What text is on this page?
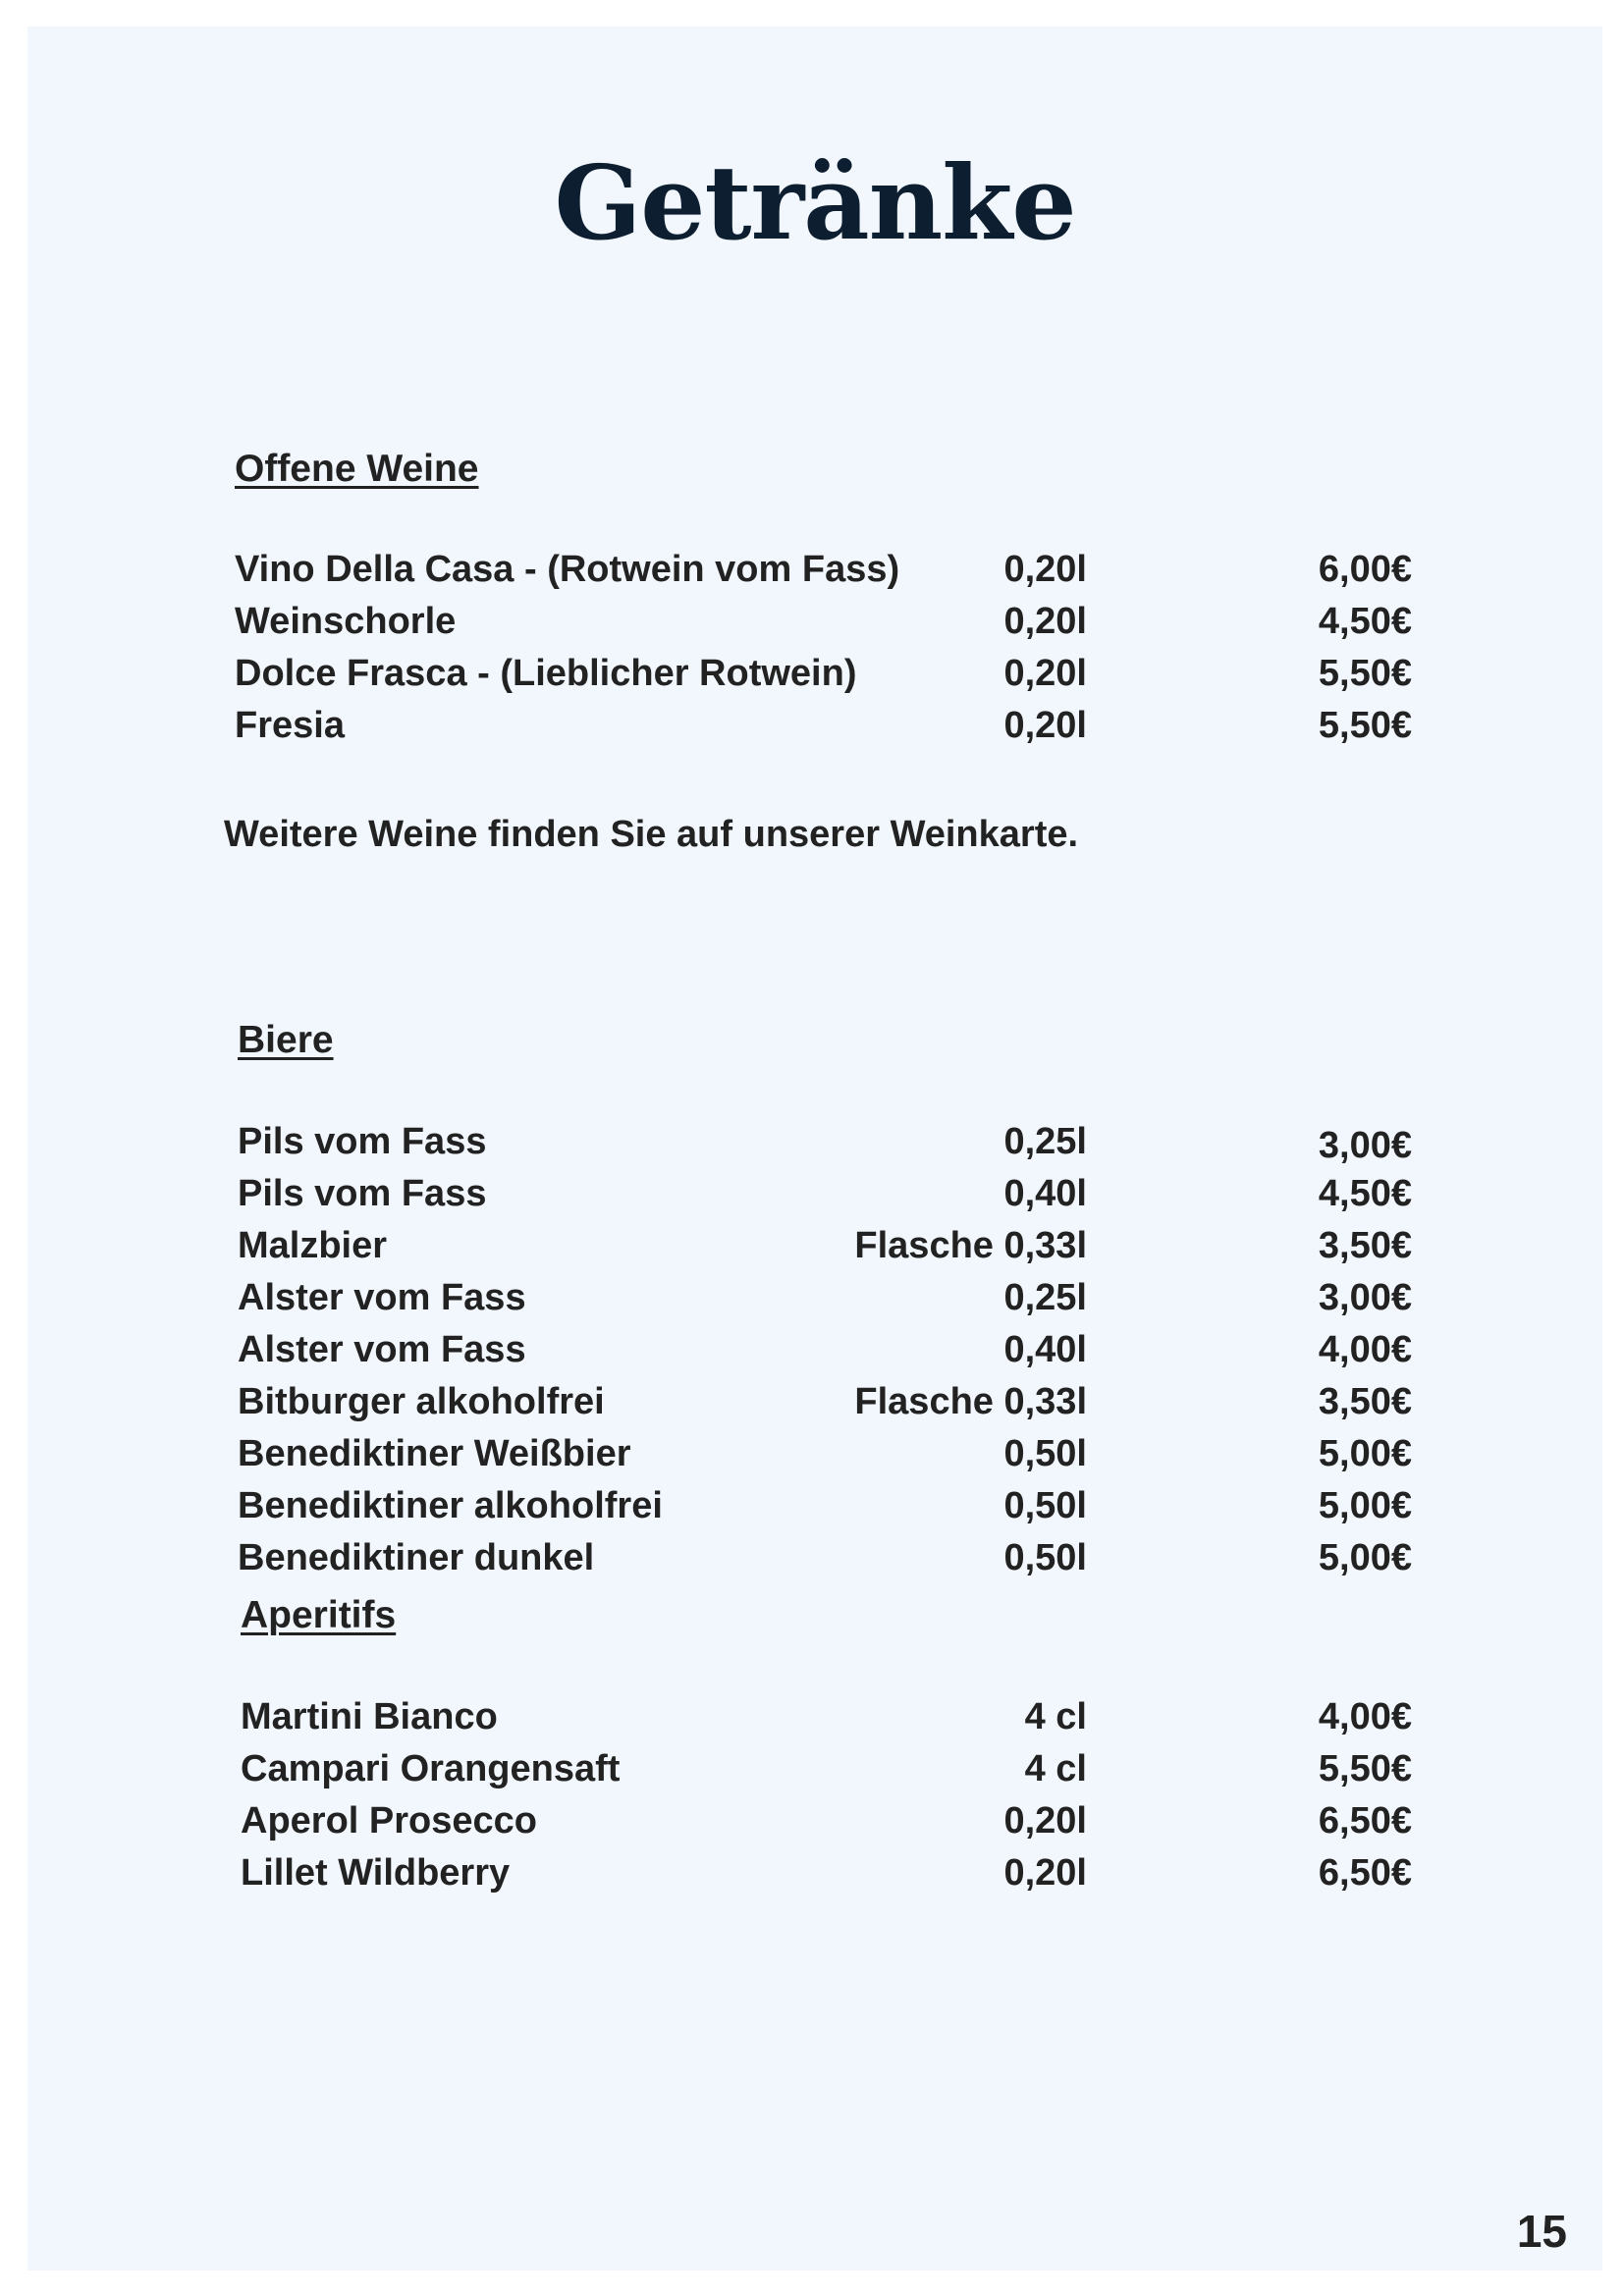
Getränke
Offene Weine
Vino Della Casa - (Rotwein vom Fass)	0,20l	6,00€
Weinschorle	0,20l	4,50€
Dolce Frasca - (Lieblicher Rotwein)	0,20l	5,50€
Fresia	0,20l	5,50€
Weitere Weine finden Sie auf unserer Weinkarte.
Biere
Pils vom Fass	0,25l	3,00€
Pils vom Fass	0,40l	4,50€
Malzbier	Flasche 0,33l	3,50€
Alster vom Fass	0,25l	3,00€
Alster vom Fass	0,40l	4,00€
Bitburger alkoholfrei	Flasche 0,33l	3,50€
Benediktiner Weißbier	0,50l	5,00€
Benediktiner alkoholfrei	0,50l	5,00€
Benediktiner dunkel	0,50l	5,00€
Aperitifs
Martini Bianco	4 cl	4,00€
Campari Orangensaft	4 cl	5,50€
Aperol Prosecco	0,20l	6,50€
Lillet Wildberry	0,20l	6,50€
15
